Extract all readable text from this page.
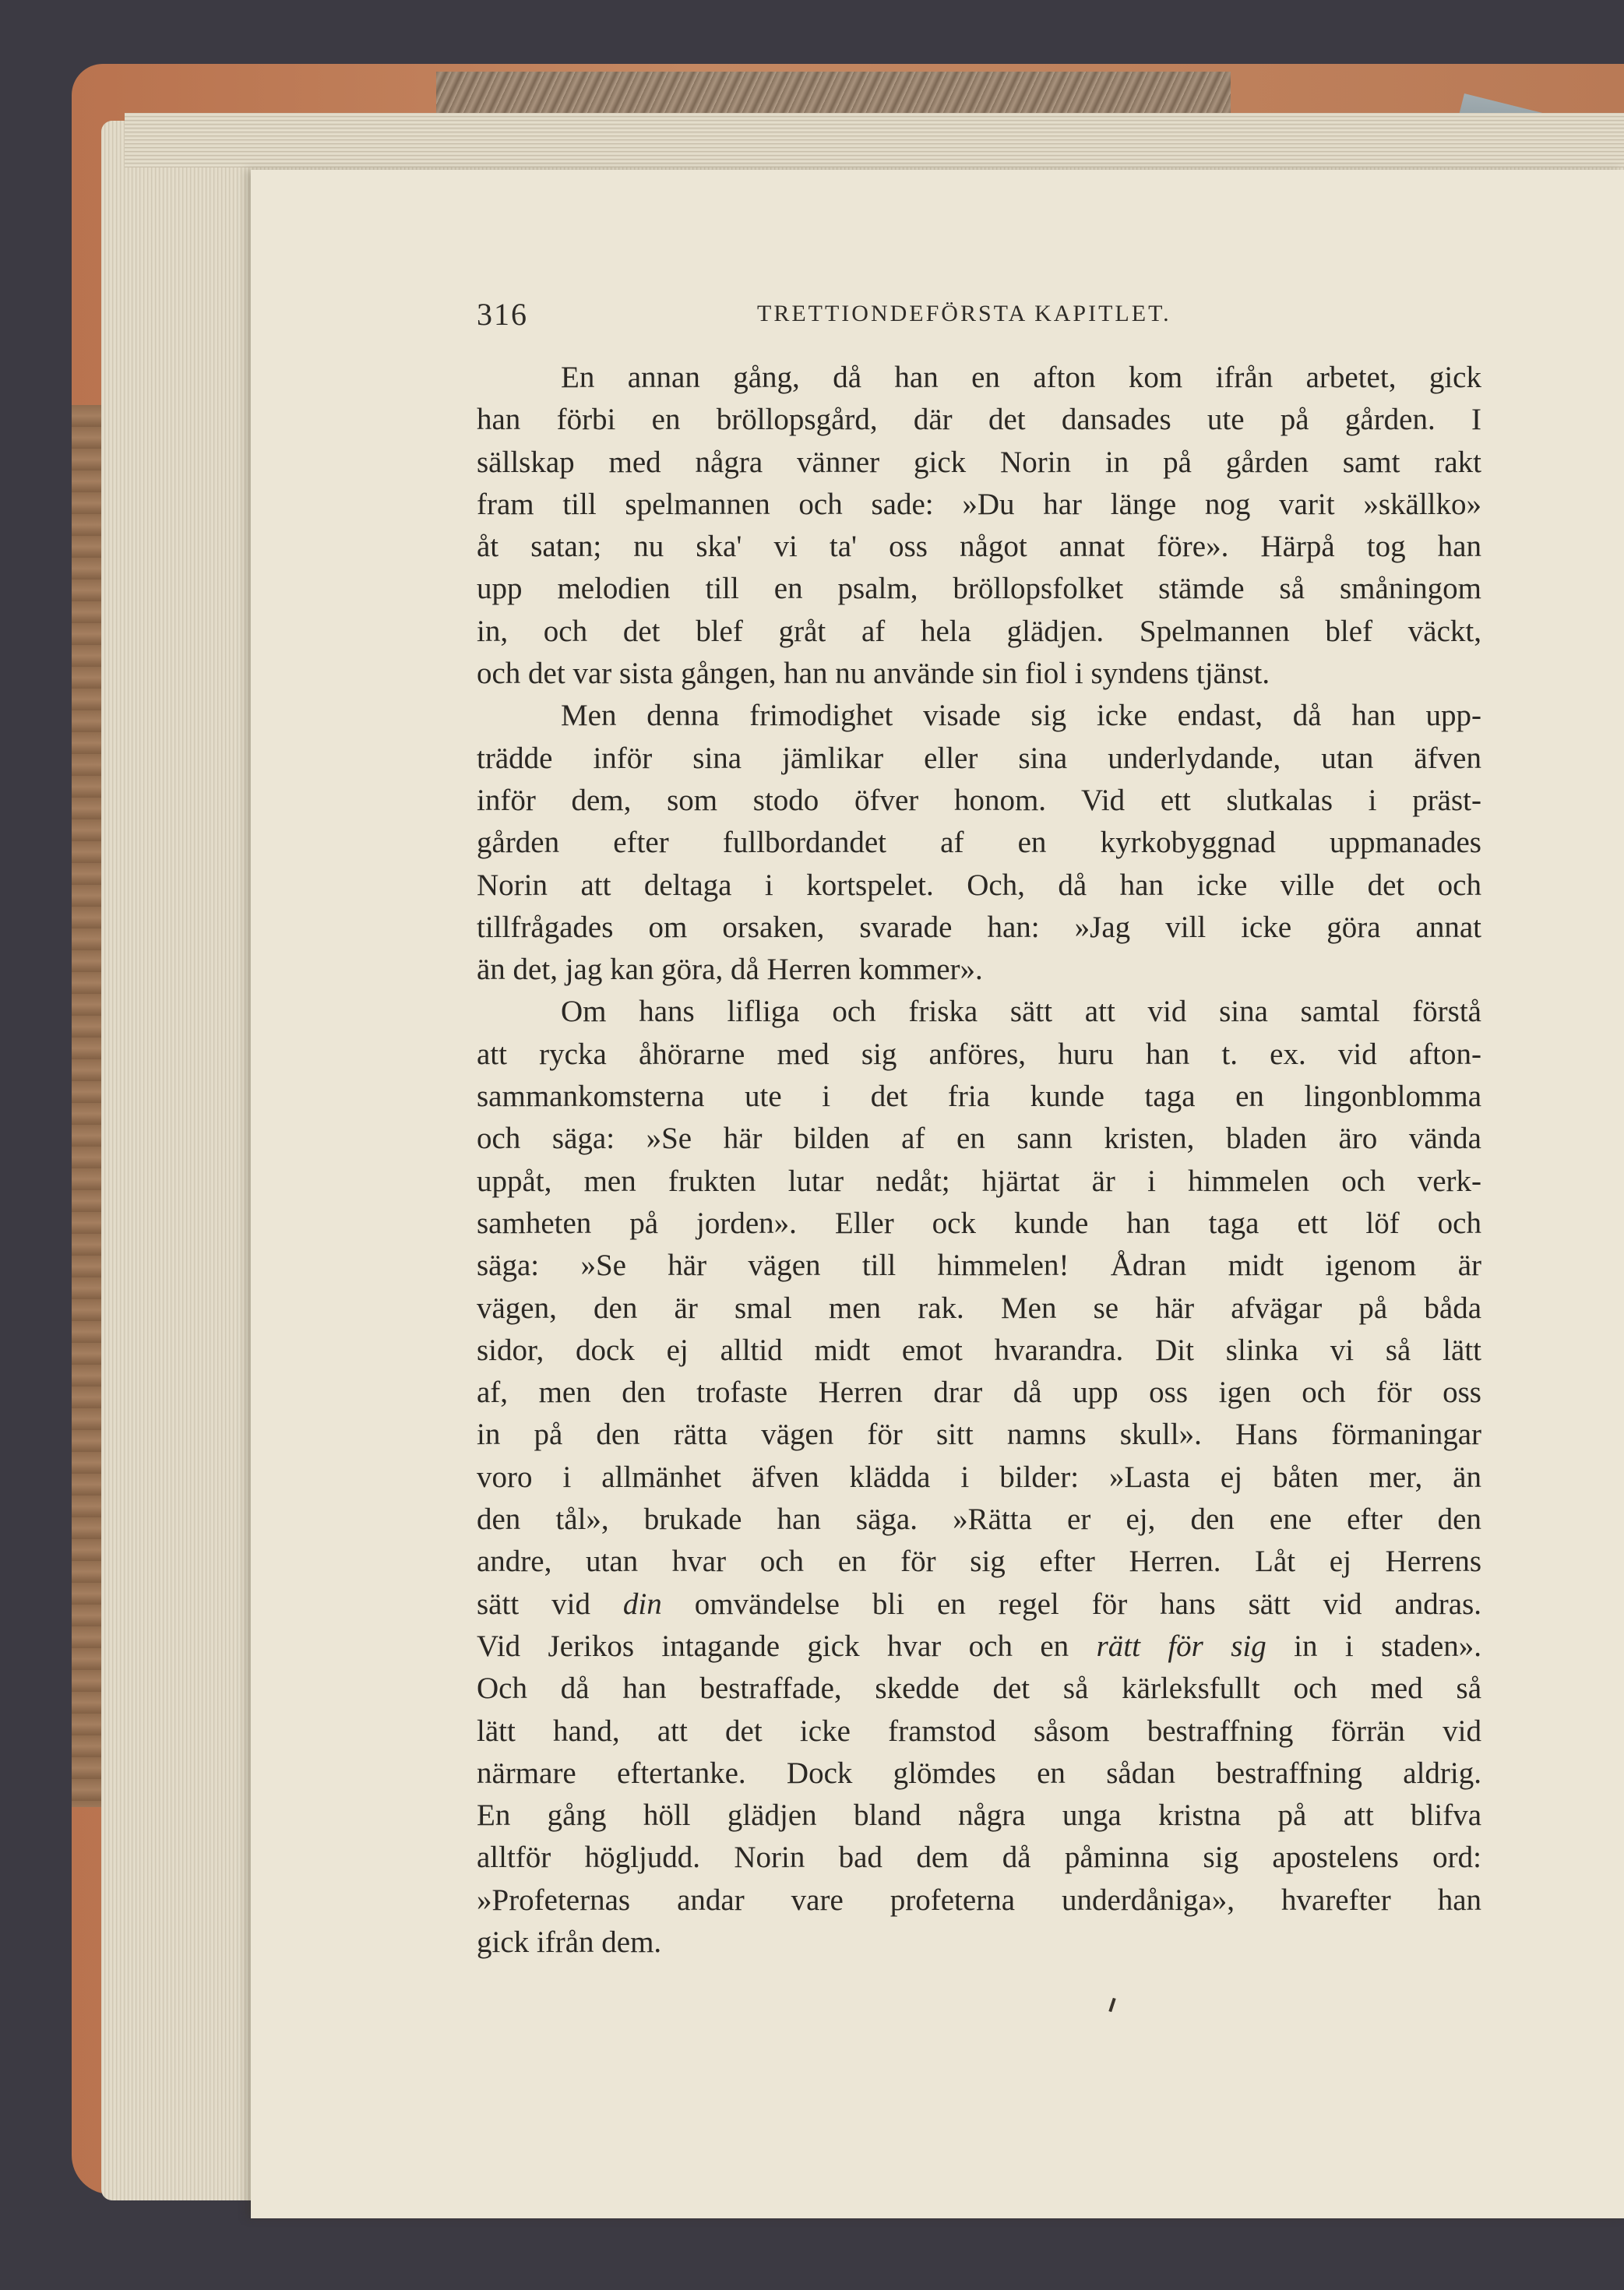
316	TRETTIONDEFÖRSTA KAPITLET.
En annan gång, då han en afton kom ifrån arbetet, gick
han förbi en bröllopsgård, där det dansades ute på gården. I
sällskap med några vänner gick Norin in på gården samt rakt
fram till spelmannen och sade: »Du har länge nog varit »skällko»
åt satan; nu ska' vi ta' oss något annat före». Härpå tog han
upp melodien till en psalm, bröllopsfolket stämde så småningom
in, och det blef gråt af hela glädjen. Spelmannen blef väckt,
och det var sista gången, han nu använde sin fiol i syndens tjänst.
Men denna frimodighet visade sig icke endast, då han upp-
trädde inför sina jämlikar eller sina underlydande, utan äfven
inför dem, som stodo öfver honom. Vid ett slutkalas i präst-
gården efter fullbordandet af en kyrkobyggnad uppmanades
Norin att deltaga i kortspelet. Och, då han icke ville det och
tillfrågades om orsaken, svarade han: »Jag vill icke göra annat
än det, jag kan göra, då Herren kommer».
Om hans lifliga och friska sätt att vid sina samtal förstå
att rycka åhörarne med sig anföres, huru han t. ex. vid afton-
sammankomsterna ute i det fria kunde taga en lingonblomma
och säga: »Se här bilden af en sann kristen, bladen äro vända
uppåt, men frukten lutar nedåt; hjärtat är i himmelen och verk-
samheten på jorden». Eller ock kunde han taga ett löf och
säga: »Se här vägen till himmelen! Ådran midt igenom är
vägen, den är smal men rak. Men se här afvägar på båda
sidor, dock ej alltid midt emot hvarandra. Dit slinka vi så lätt
af, men den trofaste Herren drar då upp oss igen och för oss
in på den rätta vägen för sitt namns skull». Hans förmaningar
voro i allmänhet äfven klädda i bilder: »Lasta ej båten mer, än
den tål», brukade han säga. »Rätta er ej, den ene efter den
andre, utan hvar och en för sig efter Herren. Låt ej Herrens
sätt vid din omvändelse bli en regel för hans sätt vid andras.
Vid Jerikos intagande gick hvar och en rätt för sig in i staden».
Och då han bestraffade, skedde det så kärleksfullt och med så
lätt hand, att det icke framstod såsom bestraffning förrän vid
närmare eftertanke. Dock glömdes en sådan bestraffning aldrig.
En gång höll glädjen bland några unga kristna på att blifva
alltför högljudd. Norin bad dem då påminna sig apostelens ord:
»Profeternas andar vare profeterna underdåniga», hvarefter han
gick ifrån dem.
